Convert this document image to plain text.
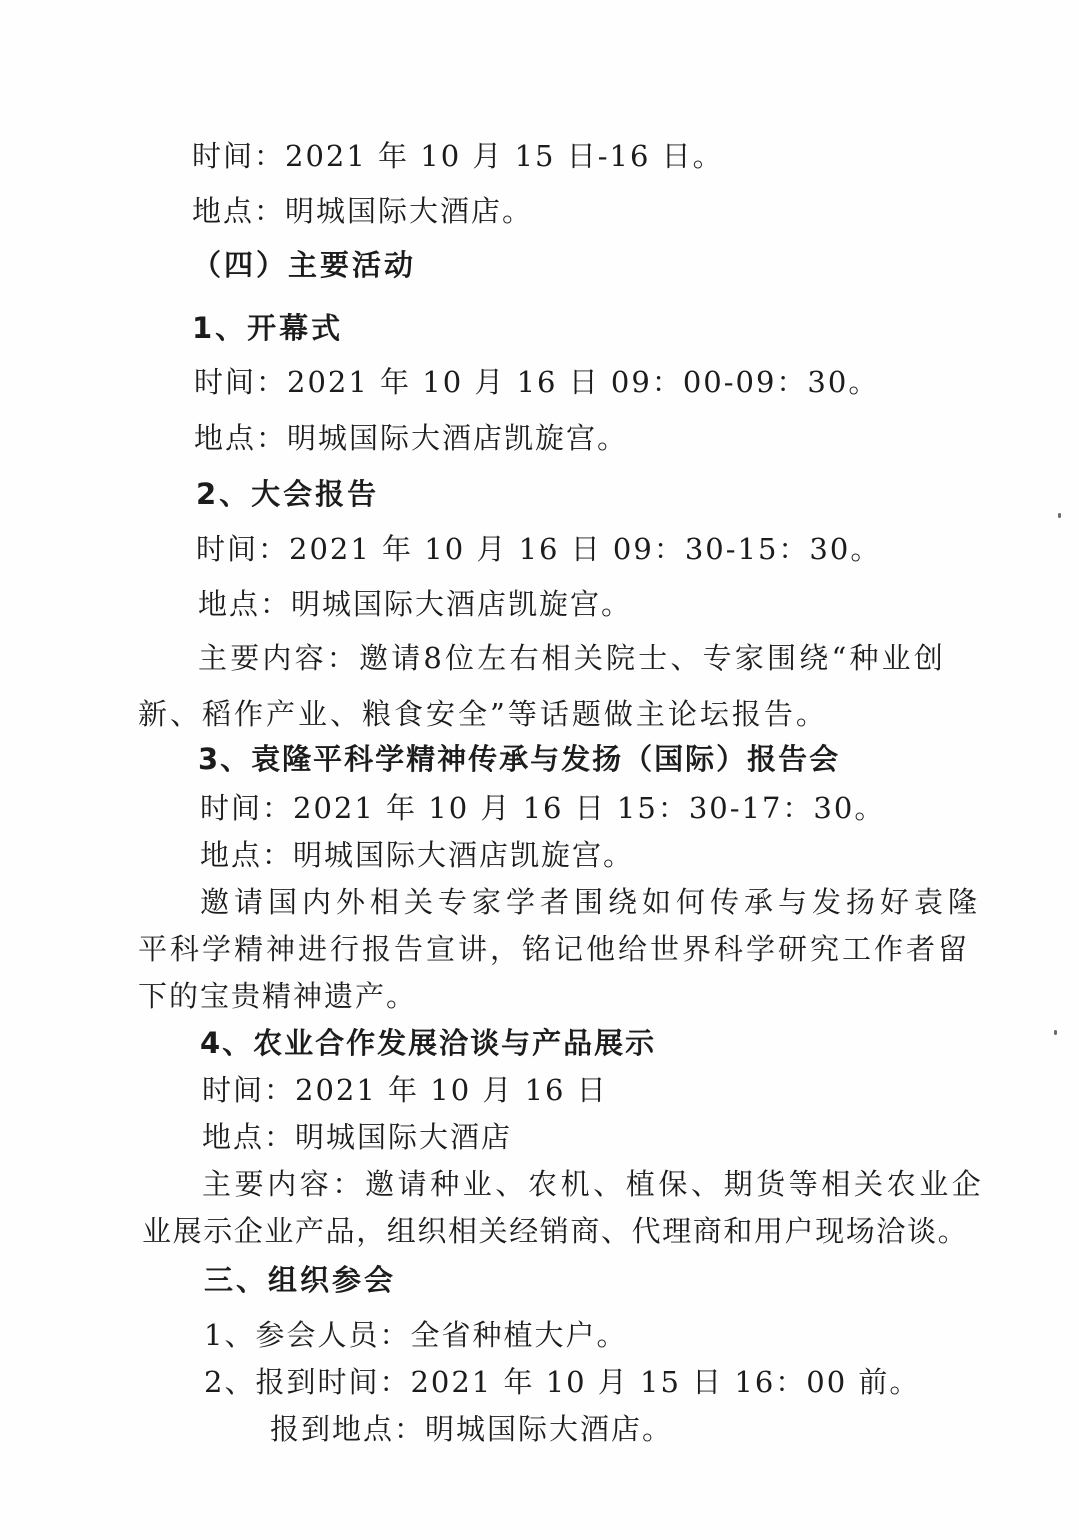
时间：2021 年 10 月 15 日-16 日。
地点：明城国际大酒店。
（四）主要活动
1、开幕式
时间：2021 年 10 月 16 日 09：00-09：30。
地点：明城国际大酒店凯旋宫。
2、大会报告
时间：2021 年 10 月 16 日 09：30-15：30。
地点：明城国际大酒店凯旋宫。
主要内容：邀请8位左右相关院士、专家围绕“种业创
新、稻作产业、粮食安全”等话题做主论坛报告。
3、袁隆平科学精神传承与发扬（国际）报告会
时间：2021 年 10 月 16 日 15：30-17：30。
地点：明城国际大酒店凯旋宫。
邀请国内外相关专家学者围绕如何传承与发扬好袁隆
平科学精神进行报告宣讲，铭记他给世界科学研究工作者留
下的宝贵精神遗产。
4、农业合作发展洽谈与产品展示
时间：2021 年 10 月 16 日
地点：明城国际大酒店
主要内容：邀请种业、农机、植保、期货等相关农业企
业展示企业产品，组织相关经销商、代理商和用户现场洽谈。
三、组织参会
1、参会人员：全省种植大户。
2、报到时间：2021 年 10 月 15 日 16：00 前。
报到地点：明城国际大酒店。
